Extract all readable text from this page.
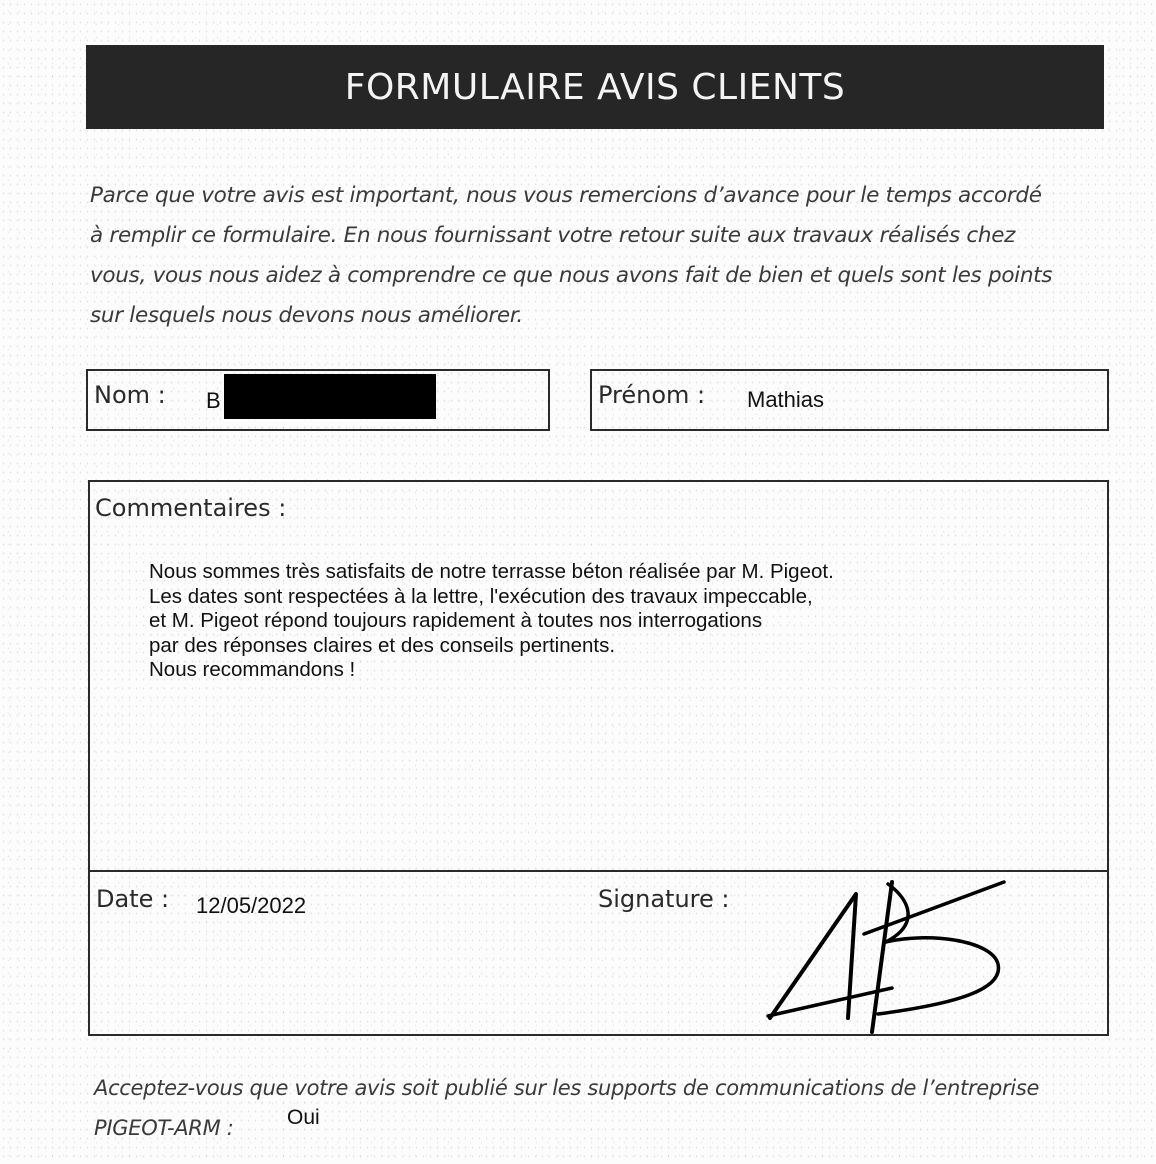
FORMULAIRE AVIS CLIENTS
Parce que votre avis est important, nous vous remercions d’avance pour le temps accordé
à remplir ce formulaire. En nous fournissant votre retour suite aux travaux réalisés chez
vous, vous nous aidez à comprendre ce que nous avons fait de bien et quels sont les points
sur lesquels nous devons nous améliorer.
Nom : B	Prénom : Mathias
Commentaires :
Nous sommes très satisfaits de notre terrasse béton réalisée par M. Pigeot.
Les dates sont respectées à la lettre, l'exécution des travaux impeccable,
et M. Pigeot répond toujours rapidement à toutes nos interrogations
par des réponses claires et des conseils pertinents.
Nous recommandons !
Date : 12/05/2022	Signature :
Acceptez-vous que votre avis soit publié sur les supports de communications de l’entreprise
PIGEOT-ARM :	Oui
